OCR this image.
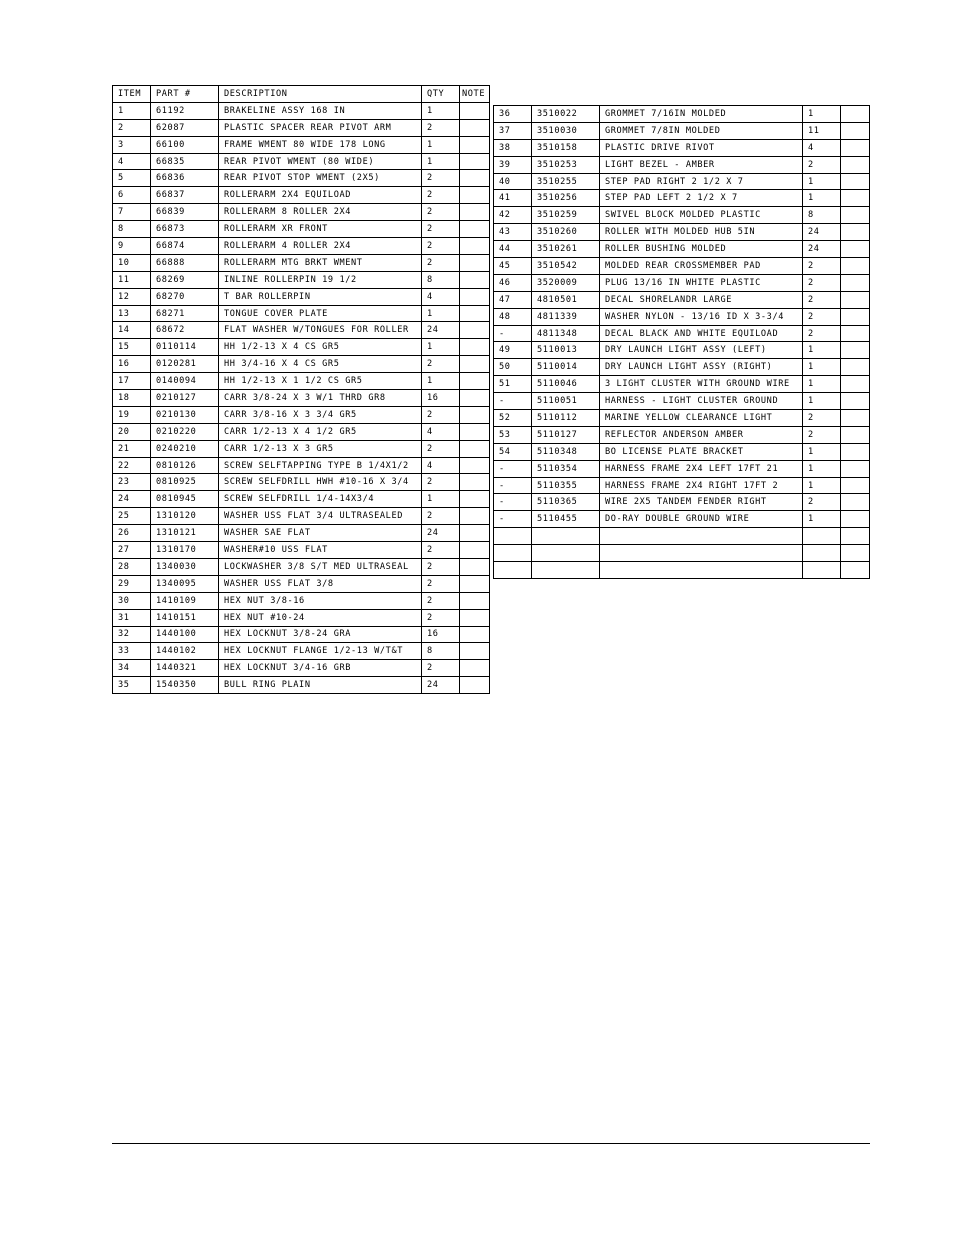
ITEM	PART #	DESCRIPTION	QTY	NOTE
1	61192	BRAKELINE ASSY 168 IN	1	
2	62087	PLASTIC SPACER REAR PIVOT ARM	2	
3	66100	FRAME WMENT 80 WIDE 178 LONG	1	
4	66835	REAR PIVOT WMENT (80 WIDE)	1	
5	66836	REAR PIVOT STOP WMENT (2X5)	2	
6	66837	ROLLERARM 2X4 EQUILOAD	2	
7	66839	ROLLERARM 8 ROLLER 2X4	2	
8	66873	ROLLERARM XR FRONT	2	
9	66874	ROLLERARM 4 ROLLER 2X4	2	
10	66888	ROLLERARM MTG BRKT WMENT	2	
11	68269	INLINE ROLLERPIN 19 1/2	8	
12	68270	T BAR ROLLERPIN	4	
13	68271	TONGUE COVER PLATE	1	
14	68672	FLAT WASHER W/TONGUES FOR ROLLER	24	
15	0110114	HH 1/2-13 X 4 CS GR5	1	
16	0120281	HH 3/4-16 X 4 CS GR5	2	
17	0140094	HH 1/2-13 X 1 1/2 CS GR5	1	
18	0210127	CARR 3/8-24 X 3 W/1 THRD GR8	16	
19	0210130	CARR 3/8-16 X 3 3/4 GR5	2	
20	0210220	CARR 1/2-13 X 4 1/2 GR5	4	
21	0240210	CARR 1/2-13 X 3 GR5	2	
22	0810126	SCREW SELFTAPPING TYPE B 1/4X1/2	4	
23	0810925	SCREW SELFDRILL HWH #10-16 X 3/4	2	
24	0810945	SCREW SELFDRILL 1/4-14X3/4	1	
25	1310120	WASHER USS FLAT 3/4 ULTRASEALED	2	
26	1310121	WASHER SAE FLAT	24	
27	1310170	WASHER#10 USS FLAT	2	
28	1340030	LOCKWASHER 3/8 S/T MED ULTRASEAL	2	
29	1340095	WASHER USS FLAT 3/8	2	
30	1410109	HEX NUT 3/8-16	2	
31	1410151	HEX NUT #10-24	2	
32	1440100	HEX LOCKNUT 3/8-24 GRA	16	
33	1440102	HEX LOCKNUT FLANGE 1/2-13 W/T&T	8	
34	1440321	HEX LOCKNUT 3/4-16 GRB	2	
35	1540350	BULL RING PLAIN	24	
36	3510022	GROMMET 7/16IN MOLDED	1	
37	3510030	GROMMET 7/8IN MOLDED	11	
38	3510158	PLASTIC DRIVE RIVOT	4	
39	3510253	LIGHT BEZEL - AMBER	2	
40	3510255	STEP PAD RIGHT 2 1/2 X 7	1	
41	3510256	STEP PAD LEFT 2 1/2 X 7	1	
42	3510259	SWIVEL BLOCK MOLDED PLASTIC	8	
43	3510260	ROLLER WITH MOLDED HUB 5IN	24	
44	3510261	ROLLER BUSHING MOLDED	24	
45	3510542	MOLDED REAR CROSSMEMBER PAD	2	
46	3520009	PLUG 13/16 IN WHITE PLASTIC	2	
47	4810501	DECAL SHORELANDR LARGE	2	
48	4811339	WASHER NYLON - 13/16 ID X 3-3/4	2	
-	4811348	DECAL BLACK AND WHITE EQUILOAD	2	
49	5110013	DRY LAUNCH LIGHT ASSY (LEFT)	1	
50	5110014	DRY LAUNCH LIGHT ASSY (RIGHT)	1	
51	5110046	3 LIGHT CLUSTER WITH GROUND WIRE	1	
-	5110051	HARNESS - LIGHT CLUSTER GROUND	1	
52	5110112	MARINE YELLOW CLEARANCE LIGHT	2	
53	5110127	REFLECTOR ANDERSON AMBER	2	
54	5110348	BO LICENSE PLATE BRACKET	1	
-	5110354	HARNESS FRAME 2X4 LEFT 17FT 21	1	
-	5110355	HARNESS FRAME 2X4 RIGHT 17FT 2	1	
-	5110365	WIRE 2X5 TANDEM FENDER RIGHT	2	
-	5110455	DO-RAY DOUBLE GROUND WIRE	1	
